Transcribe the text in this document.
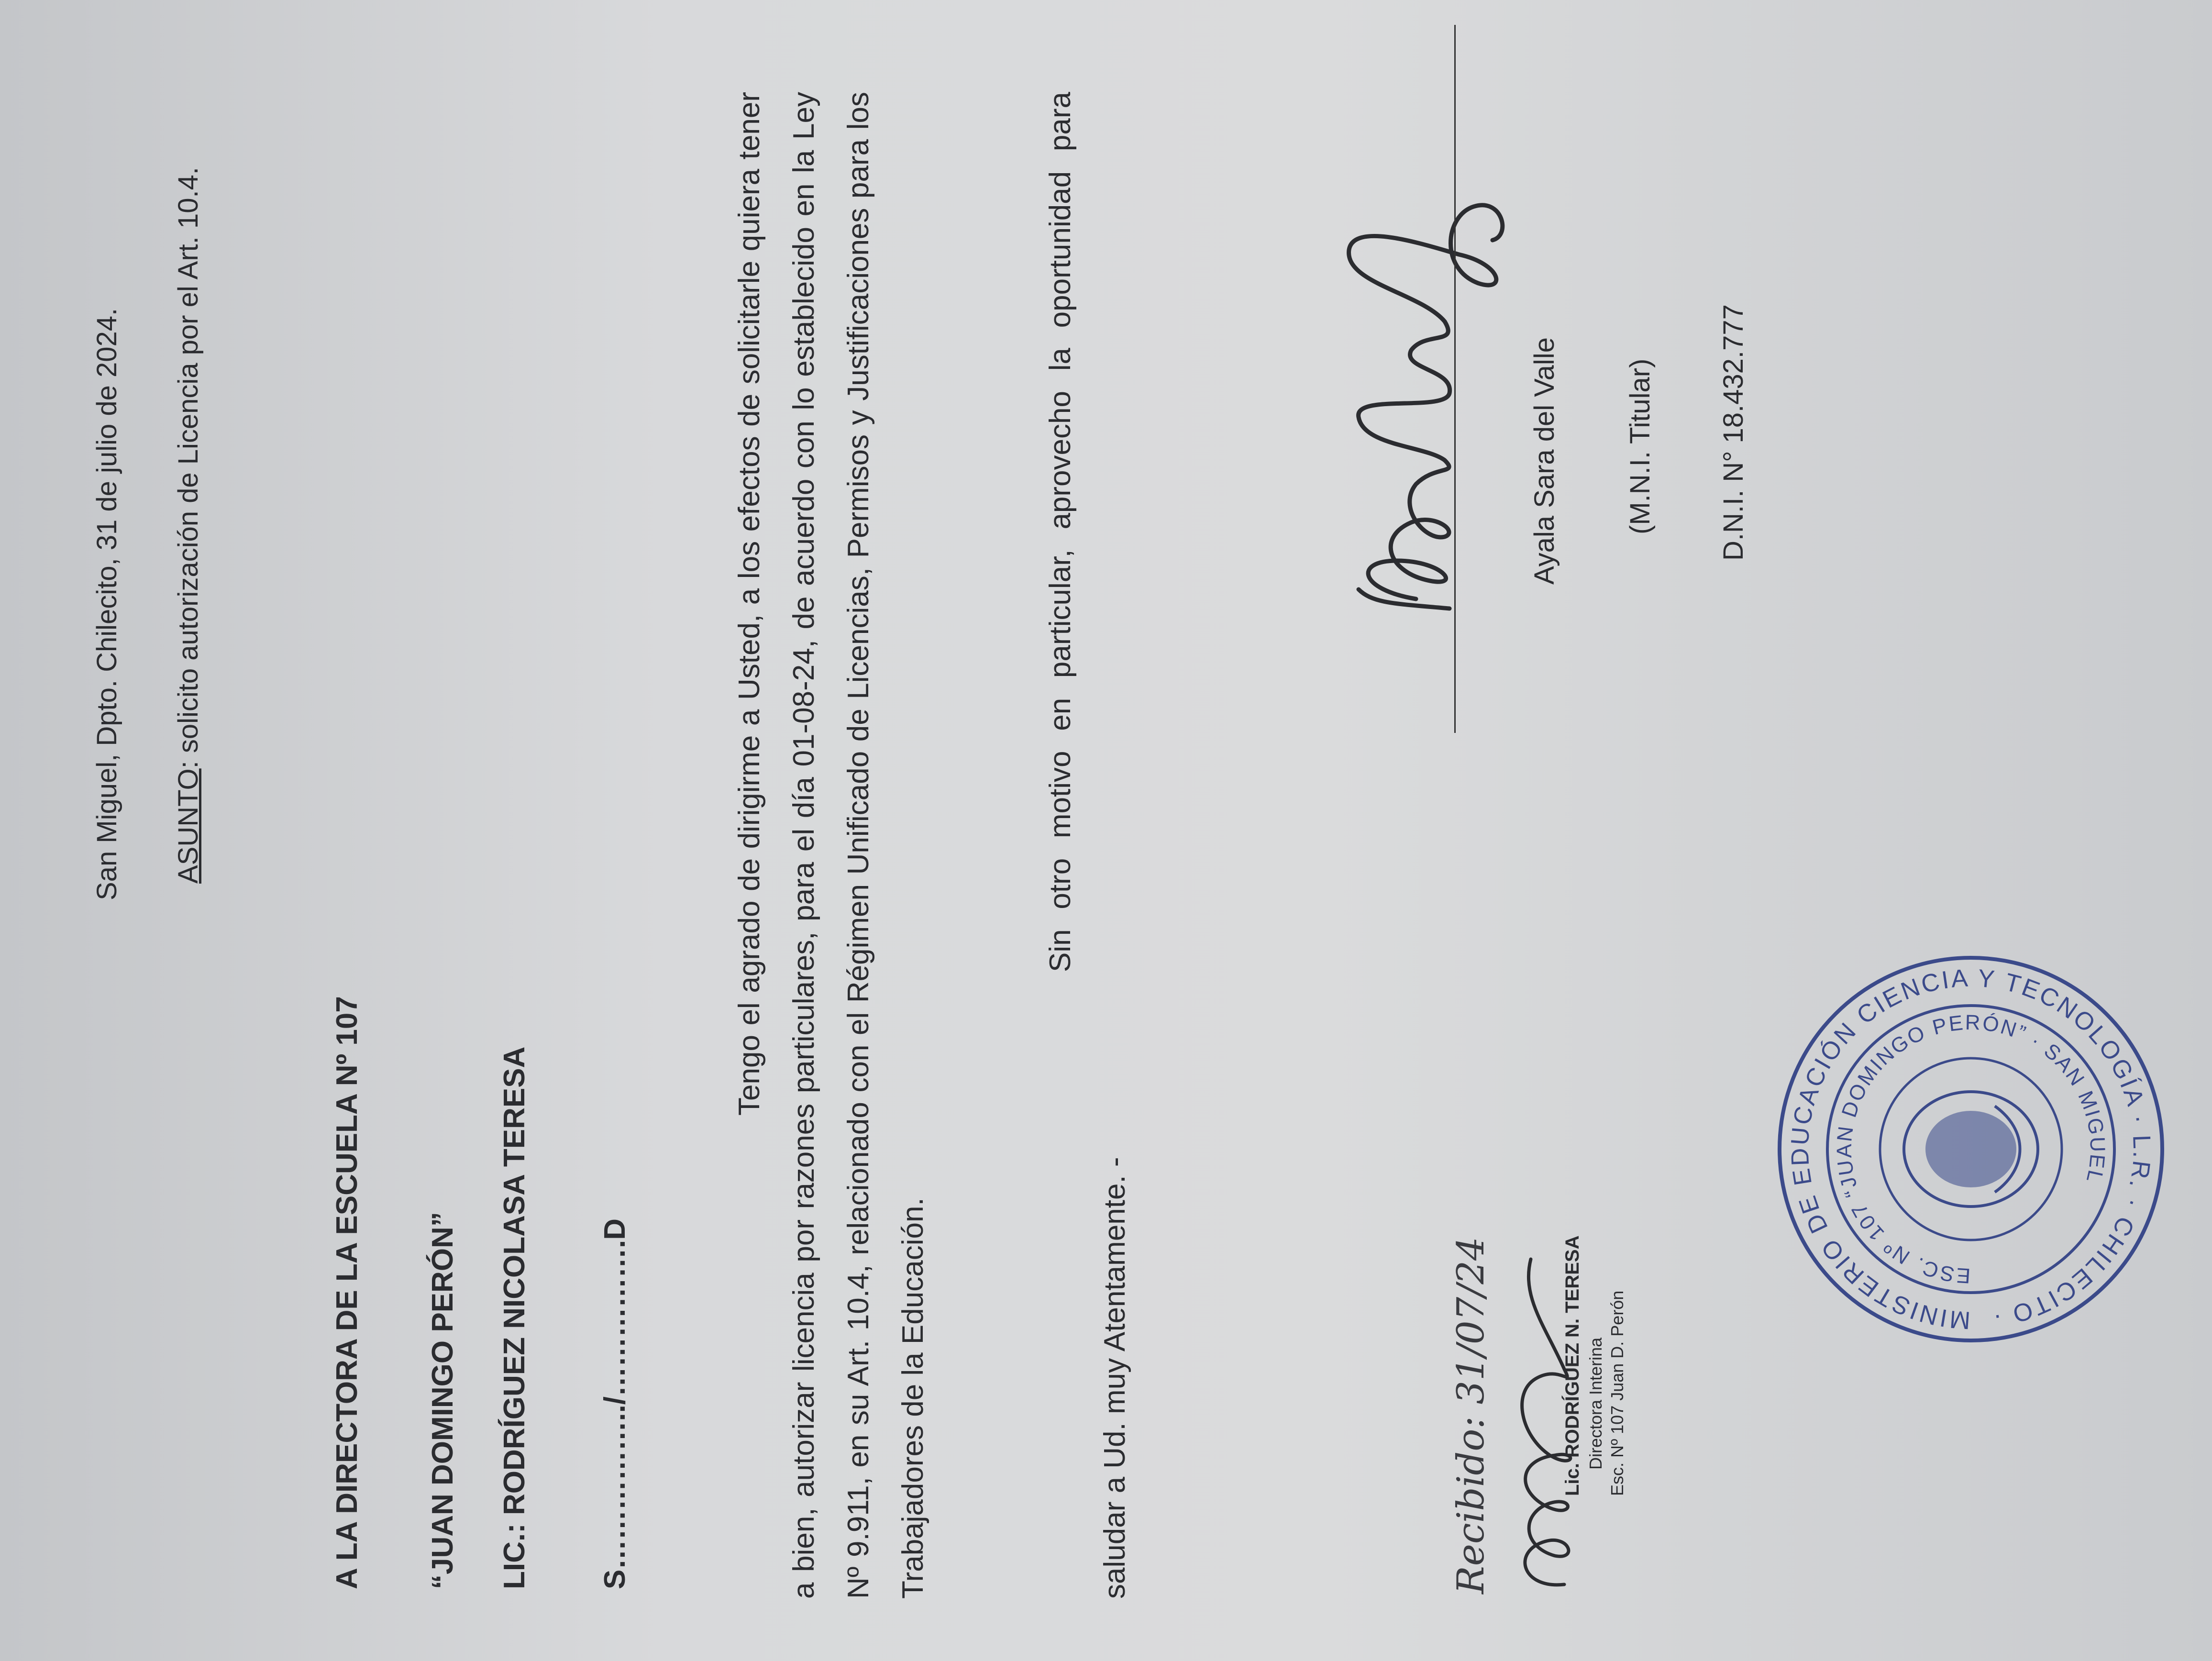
San Miguel, Dpto. Chilecito, 31 de julio de 2024. ASUNTO: solicito autorización de Licencia por el Art. 10.4.
A LA DIRECTORA DE LA ESCUELA Nº 107 “JUAN DOMINGO PERÓN” LIC.: RODRÍGUEZ NICOLASA TERESA S……………../…………….D
Tengo el agrado de dirigirme a Usted, a los efectos de solicitarle quiera tener a bien, autorizar licencia por razones particulares, para el día 01-08-24, de acuerdo con lo establecido en la Ley Nº 9.911, en su Art. 10.4, relacionado con el Régimen Unificado de Licencias, Permisos y Justificaciones para los Trabajadores de la Educación.
Sin otro motivo en particular, aprovecho la oportunidad para saludar a Ud. muy Atentamente. -
Ayala Sara del Valle (M.N.I. Titular) D.N.I. N° 18.432.777
Recibido: 31/07/24	Lic. RODRÍGUEZ N. TERESA Directora Interina Esc. Nº 107 Juan D. Perón	MINISTERIO DE EDUCACIÓN CIENCIA Y TECNOLOGÍA · L.R. · CHILECITO ·
ESC. Nº 107 “JUAN DOMINGO PERÓN” · SAN MIGUEL
